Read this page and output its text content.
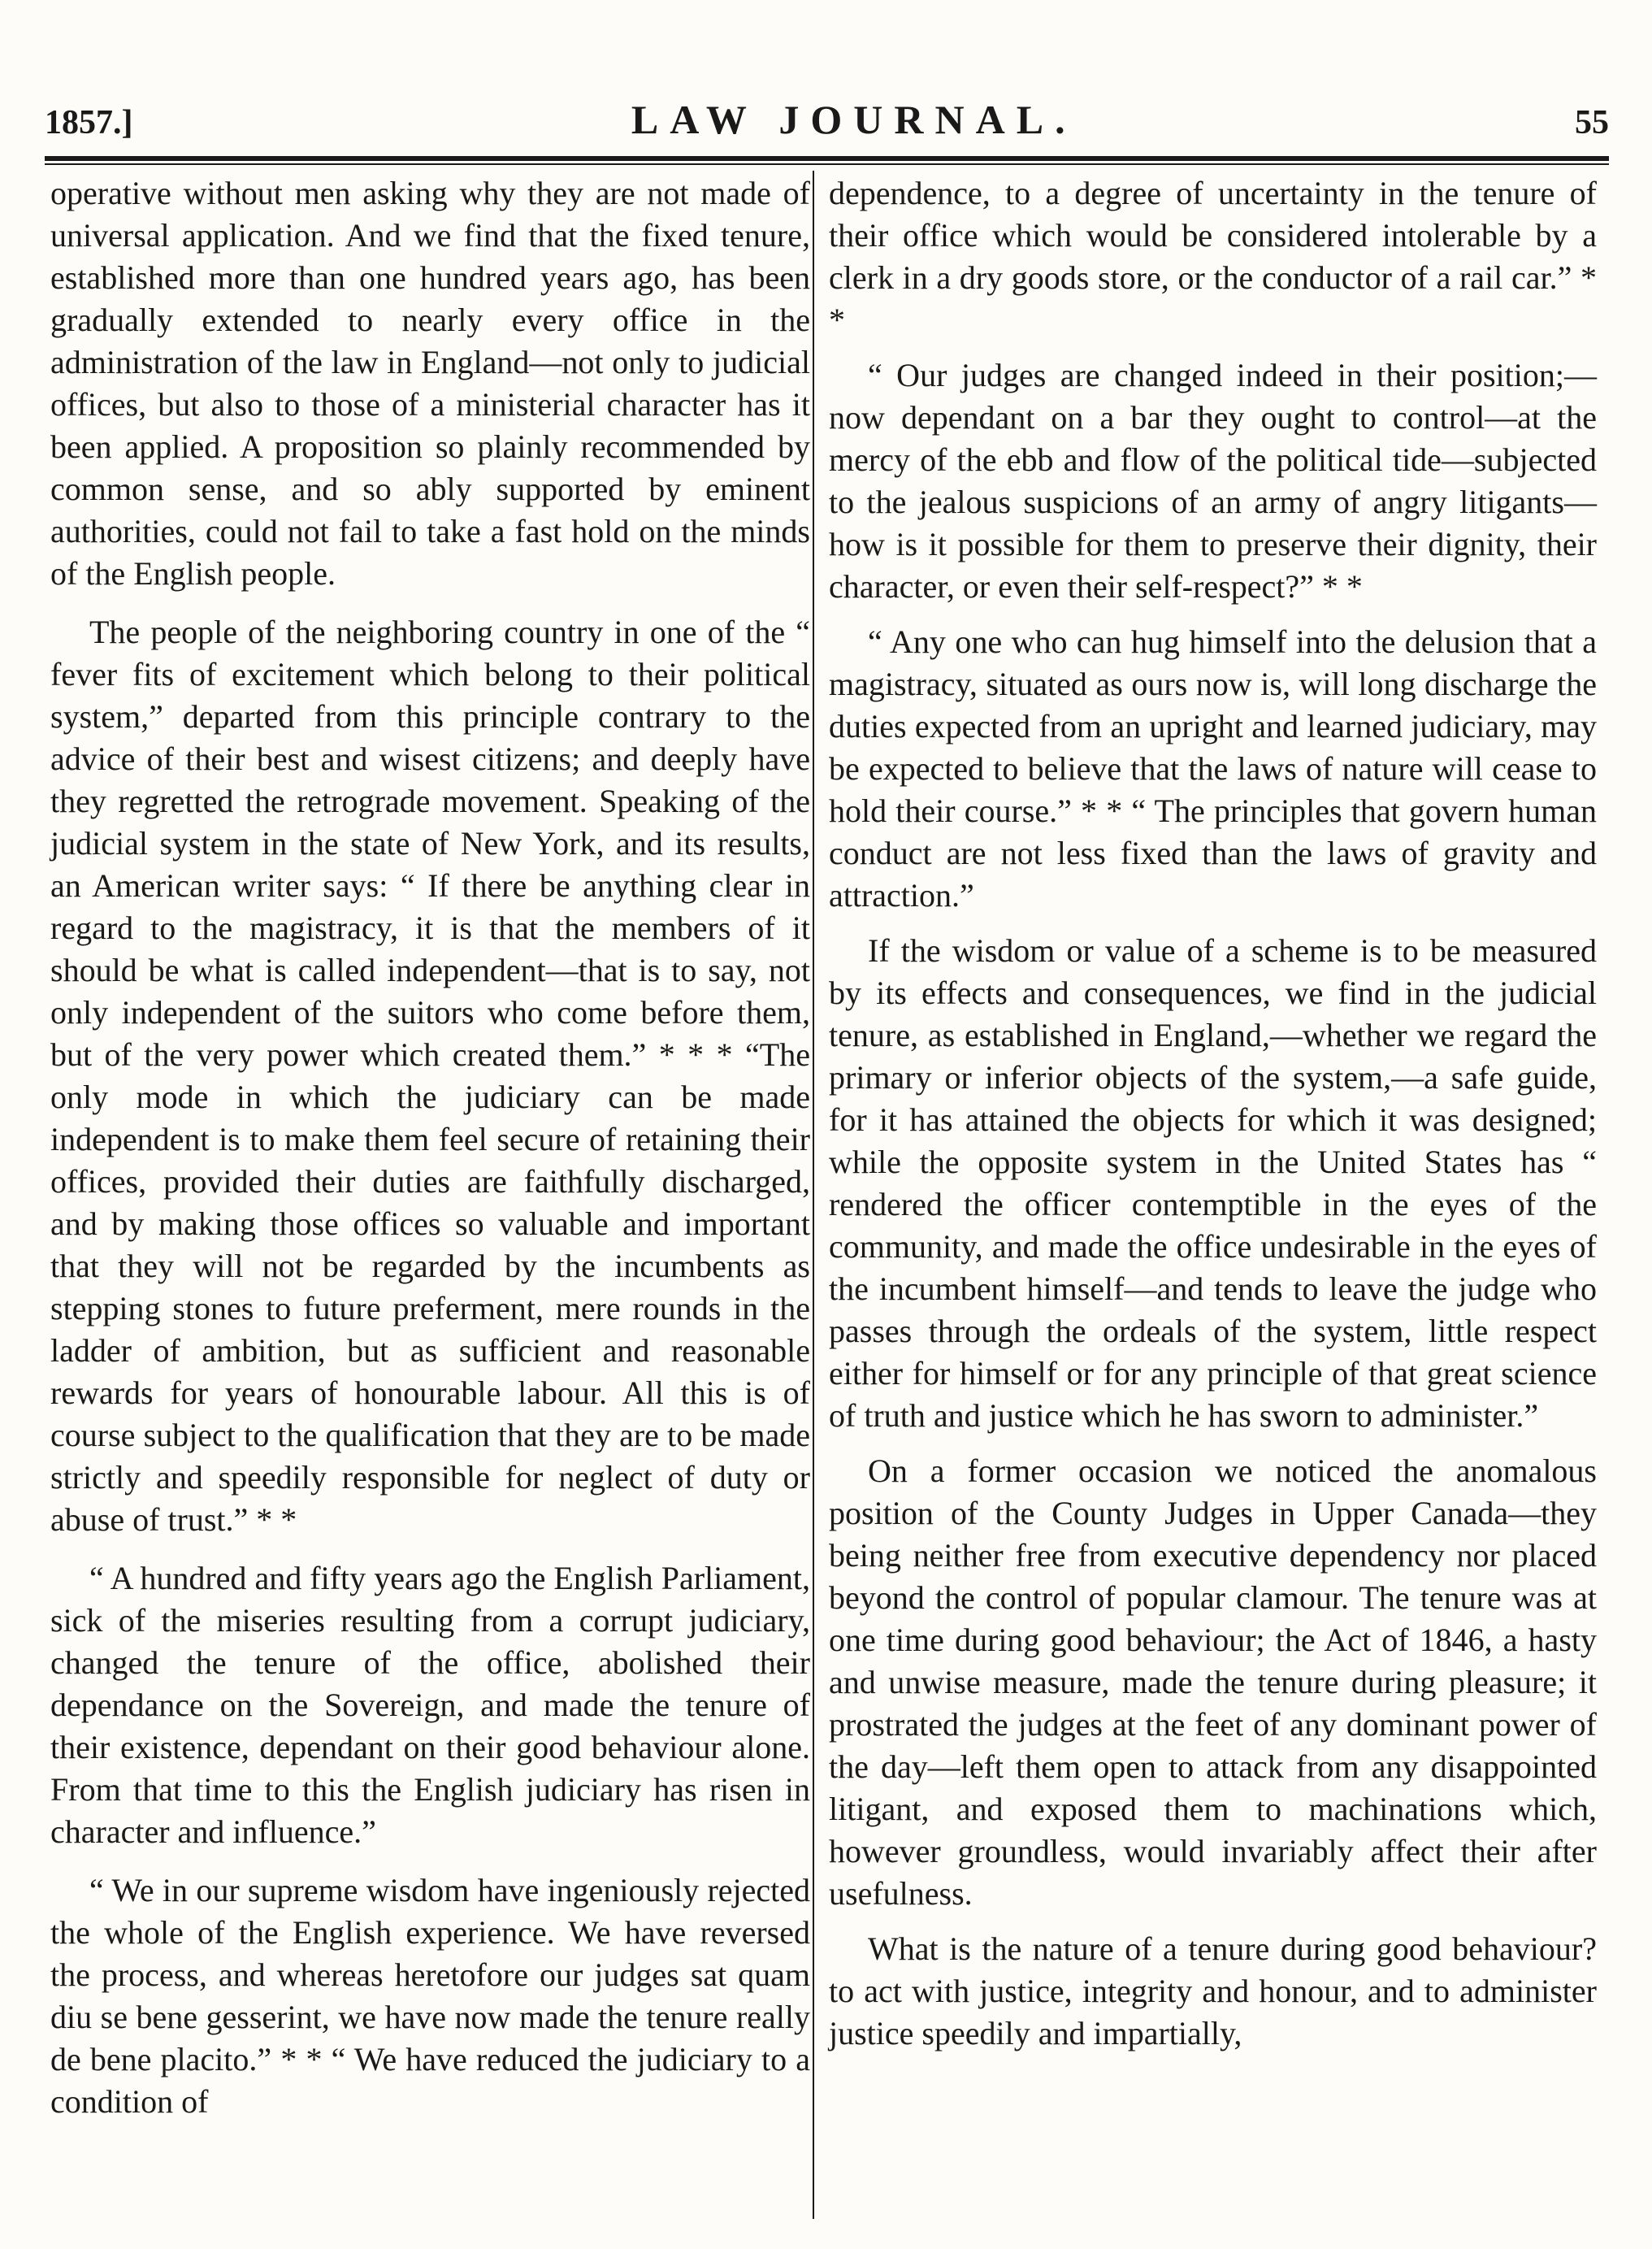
1857.]	LAW JOURNAL.	55

operative without men asking why they are not made of universal application. And we find that the fixed tenure, established more than one hundred years ago, has been gradually extended to nearly every office in the administration of the law in England—not only to judicial offices, but also to those of a ministerial character has it been applied. A proposition so plainly recommended by common sense, and so ably supported by eminent authorities, could not fail to take a fast hold on the minds of the English people.

The people of the neighboring country in one of the “ fever fits of excitement which belong to their political system,” departed from this principle contrary to the advice of their best and wisest citizens; and deeply have they regretted the retrograde movement. Speaking of the judicial system in the state of New York, and its results, an American writer says: “ If there be anything clear in regard to the magistracy, it is that the members of it should be what is called independent—that is to say, not only independent of the suitors who come before them, but of the very power which created them.” * * * “The only mode in which the judiciary can be made independent is to make them feel secure of retaining their offices, provided their duties are faithfully discharged, and by making those offices so valuable and important that they will not be regarded by the incumbents as stepping stones to future preferment, mere rounds in the ladder of ambition, but as sufficient and reasonable rewards for years of honourable labour. All this is of course subject to the qualification that they are to be made strictly and speedily responsible for neglect of duty or abuse of trust.” * *

“ A hundred and fifty years ago the English Parliament, sick of the miseries resulting from a corrupt judiciary, changed the tenure of the office, abolished their dependance on the Sovereign, and made the tenure of their existence, dependant on their good behaviour alone. From that time to this the English judiciary has risen in character and influence.”

“ We in our supreme wisdom have ingeniously rejected the whole of the English experience. We have reversed the process, and whereas heretofore our judges sat quam diu se bene gesserint, we have now made the tenure really de bene placito.” * * “ We have reduced the judiciary to a condition of

dependence, to a degree of uncertainty in the tenure of their office which would be considered intolerable by a clerk in a dry goods store, or the conductor of a rail car.” * *

“ Our judges are changed indeed in their position;—now dependant on a bar they ought to control—at the mercy of the ebb and flow of the political tide—subjected to the jealous suspicions of an army of angry litigants—how is it possible for them to preserve their dignity, their character, or even their self-respect?” * *

“ Any one who can hug himself into the delusion that a magistracy, situated as ours now is, will long discharge the duties expected from an upright and learned judiciary, may be expected to believe that the laws of nature will cease to hold their course.” * * “ The principles that govern human conduct are not less fixed than the laws of gravity and attraction.”

If the wisdom or value of a scheme is to be measured by its effects and consequences, we find in the judicial tenure, as established in England,—whether we regard the primary or inferior objects of the system,—a safe guide, for it has attained the objects for which it was designed; while the opposite system in the United States has “ rendered the officer contemptible in the eyes of the community, and made the office undesirable in the eyes of the incumbent himself—and tends to leave the judge who passes through the ordeals of the system, little respect either for himself or for any principle of that great science of truth and justice which he has sworn to administer.”

On a former occasion we noticed the anomalous position of the County Judges in Upper Canada—they being neither free from executive dependency nor placed beyond the control of popular clamour. The tenure was at one time during good behaviour; the Act of 1846, a hasty and unwise measure, made the tenure during pleasure; it prostrated the judges at the feet of any dominant power of the day—left them open to attack from any disappointed litigant, and exposed them to machinations which, however groundless, would invariably affect their after usefulness.

What is the nature of a tenure during good behaviour? to act with justice, integrity and honour, and to administer justice speedily and impartially,
